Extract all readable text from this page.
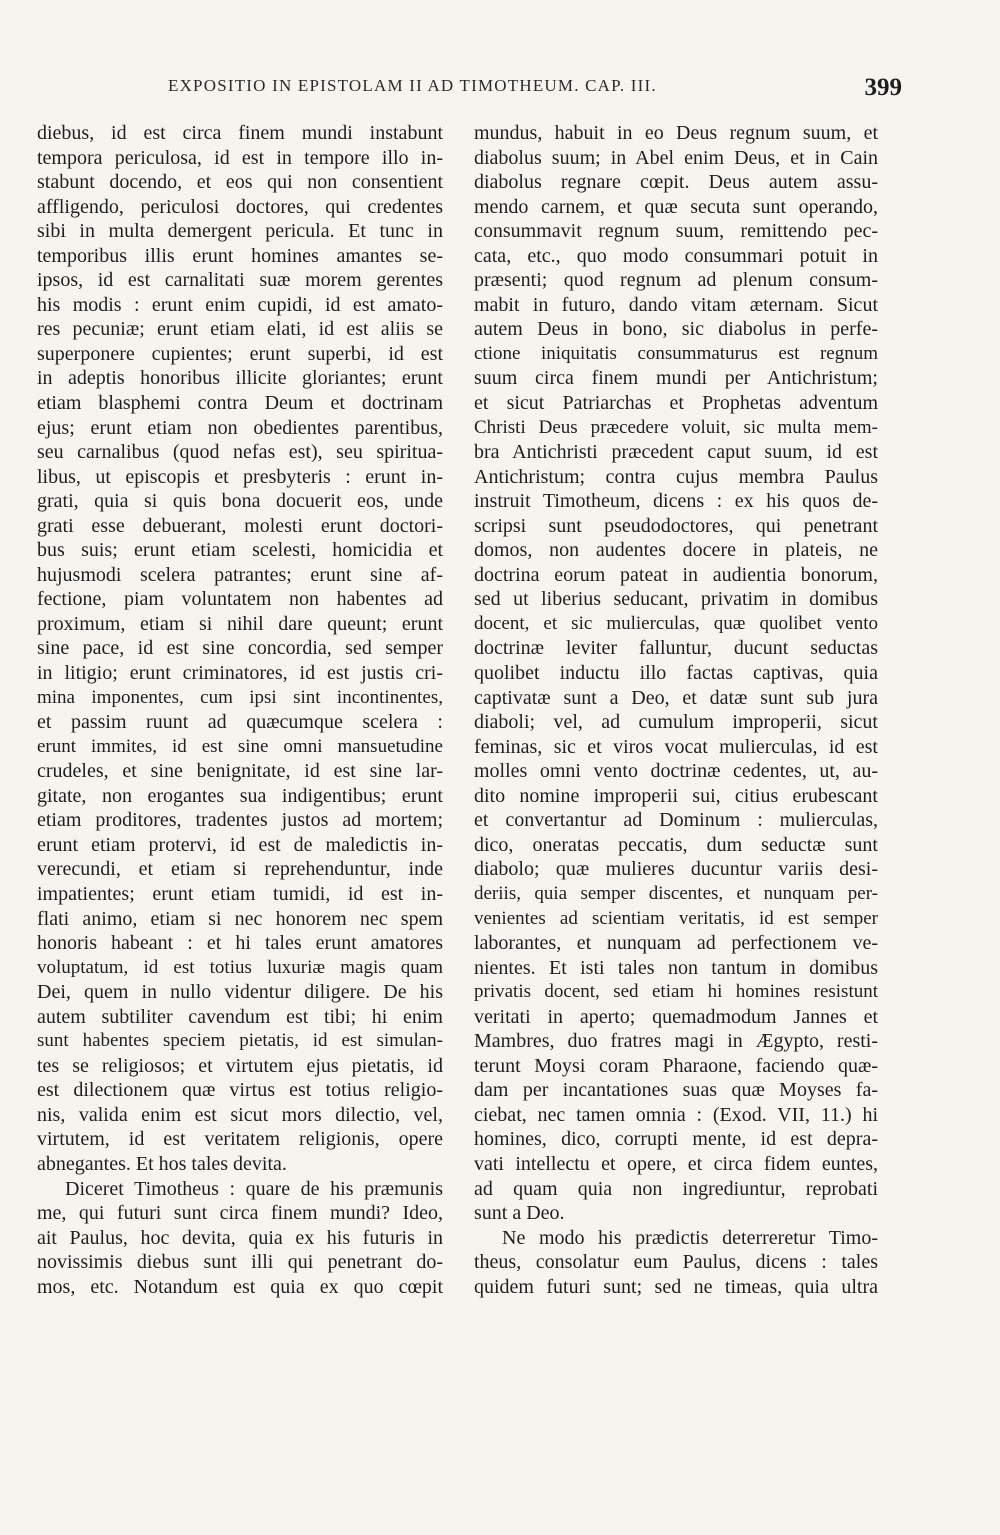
EXPOSITIO IN EPISTOLAM II AD TIMOTHEUM. CAP. III.	399
diebus, id est circa finem mundi instabunt
tempora periculosa, id est in tempore illo in-
stabunt docendo, et eos qui non consentient
affligendo, periculosi doctores, qui credentes
sibi in multa demergent pericula. Et tunc in
temporibus illis erunt homines amantes se-
ipsos, id est carnalitati suæ morem gerentes
his modis : erunt enim cupidi, id est amato-
res pecuniæ; erunt etiam elati, id est aliis se
superponere cupientes; erunt superbi, id est
in adeptis honoribus illicite gloriantes; erunt
etiam blasphemi contra Deum et doctrinam
ejus; erunt etiam non obedientes parentibus,
seu carnalibus (quod nefas est), seu spiritua-
libus, ut episcopis et presbyteris : erunt in-
grati, quia si quis bona docuerit eos, unde
grati esse debuerant, molesti erunt doctori-
bus suis; erunt etiam scelesti, homicidia et
hujusmodi scelera patrantes; erunt sine af-
fectione, piam voluntatem non habentes ad
proximum, etiam si nihil dare queunt; erunt
sine pace, id est sine concordia, sed semper
in litigio; erunt criminatores, id est justis cri-
mina imponentes, cum ipsi sint incontinentes,
et passim ruunt ad quæcumque scelera :
erunt immites, id est sine omni mansuetudine
crudeles, et sine benignitate, id est sine lar-
gitate, non erogantes sua indigentibus; erunt
etiam proditores, tradentes justos ad mortem;
erunt etiam protervi, id est de maledictis in-
verecundi, et etiam si reprehenduntur, inde
impatientes; erunt etiam tumidi, id est in-
flati animo, etiam si nec honorem nec spem
honoris habeant : et hi tales erunt amatores
voluptatum, id est totius luxuriæ magis quam
Dei, quem in nullo videntur diligere. De his
autem subtiliter cavendum est tibi; hi enim
sunt habentes speciem pietatis, id est simulan-
tes se religiosos; et virtutem ejus pietatis, id
est dilectionem quæ virtus est totius religio-
nis, valida enim est sicut mors dilectio, vel,
virtutem, id est veritatem religionis, opere
abnegantes. Et hos tales devita.
Diceret Timotheus : quare de his præmunis
me, qui futuri sunt circa finem mundi? Ideo,
ait Paulus, hoc devita, quia ex his futuris in
novissimis diebus sunt illi qui penetrant do-
mos, etc. Notandum est quia ex quo cœpit
mundus, habuit in eo Deus regnum suum, et
diabolus suum; in Abel enim Deus, et in Cain
diabolus regnare cœpit. Deus autem assu-
mendo carnem, et quæ secuta sunt operando,
consummavit regnum suum, remittendo pec-
cata, etc., quo modo consummari potuit in
præsenti; quod regnum ad plenum consum-
mabit in futuro, dando vitam æternam. Sicut
autem Deus in bono, sic diabolus in perfe-
ctione iniquitatis consummaturus est regnum
suum circa finem mundi per Antichristum;
et sicut Patriarchas et Prophetas adventum
Christi Deus præcedere voluit, sic multa mem-
bra Antichristi præcedent caput suum, id est
Antichristum; contra cujus membra Paulus
instruit Timotheum, dicens : ex his quos de-
scripsi sunt pseudodoctores, qui penetrant
domos, non audentes docere in plateis, ne
doctrina eorum pateat in audientia bonorum,
sed ut liberius seducant, privatim in domibus
docent, et sic mulierculas, quæ quolibet vento
doctrinæ leviter falluntur, ducunt seductas
quolibet inductu illo factas captivas, quia
captivatæ sunt a Deo, et datæ sunt sub jura
diaboli; vel, ad cumulum improperii, sicut
feminas, sic et viros vocat mulierculas, id est
molles omni vento doctrinæ cedentes, ut, au-
dito nomine improperii sui, citius erubescant
et convertantur ad Dominum : mulierculas,
dico, oneratas peccatis, dum seductæ sunt
diabolo; quæ mulieres ducuntur variis desi-
deriis, quia semper discentes, et nunquam per-
venientes ad scientiam veritatis, id est semper
laborantes, et nunquam ad perfectionem ve-
nientes. Et isti tales non tantum in domibus
privatis docent, sed etiam hi homines resistunt
veritati in aperto; quemadmodum Jannes et
Mambres, duo fratres magi in Ægypto, resti-
terunt Moysi coram Pharaone, faciendo quæ-
dam per incantationes suas quæ Moyses fa-
ciebat, nec tamen omnia : (Exod. VII, 11.) hi
homines, dico, corrupti mente, id est depra-
vati intellectu et opere, et circa fidem euntes,
ad quam quia non ingrediuntur, reprobati
sunt a Deo.
Ne modo his prædictis deterreretur Timo-
theus, consolatur eum Paulus, dicens : tales
quidem futuri sunt; sed ne timeas, quia ultra
